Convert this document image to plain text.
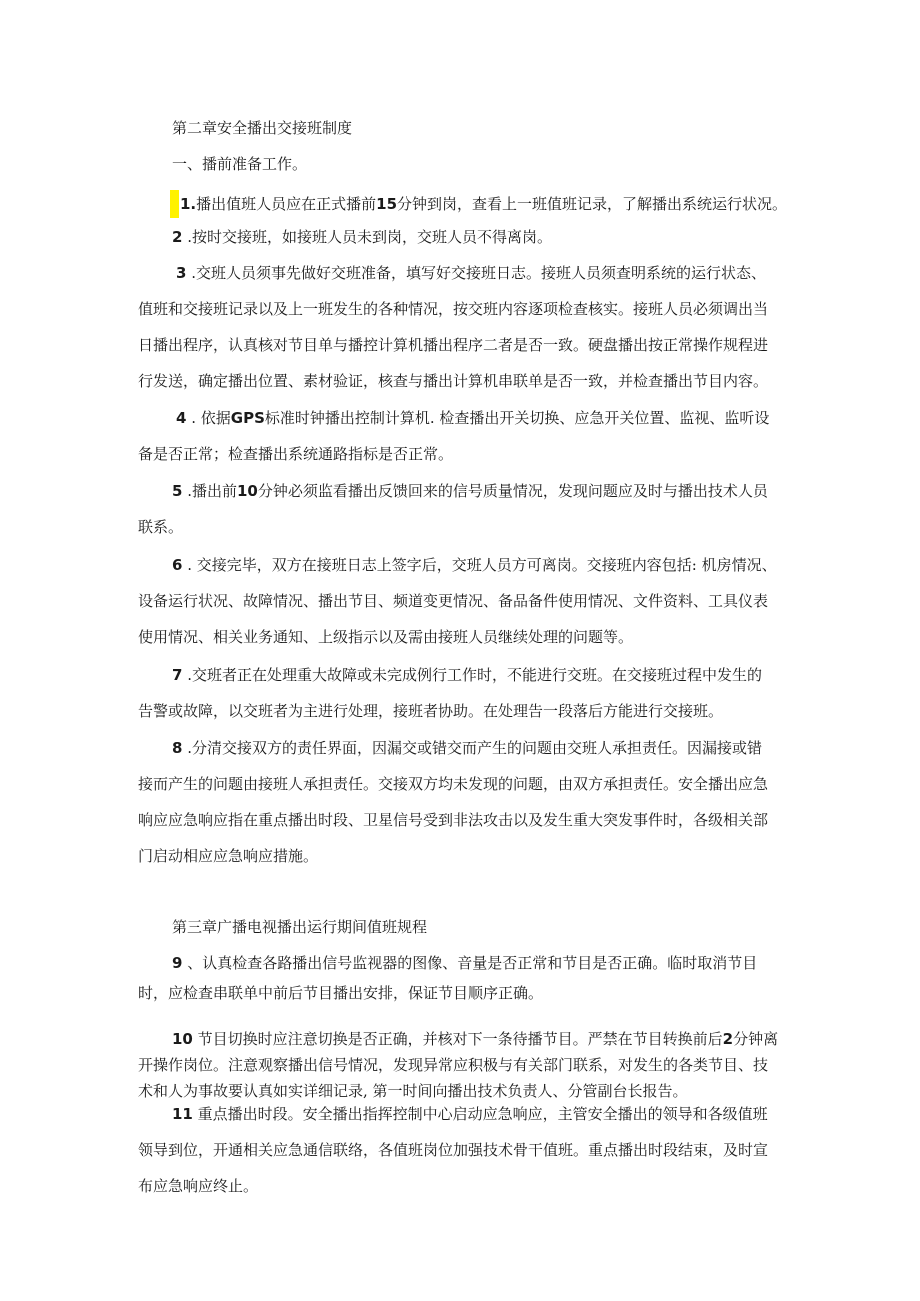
第二章安全播出交接班制度
一、播前准备工作。
1.播出值班人员应在正式播前15分钟到岗，查看上一班值班记录，了解播出系统运行状况。
2 .按时交接班，如接班人员未到岗，交班人员不得离岗。
3 .交班人员须事先做好交班准备，填写好交接班日志。接班人员须查明系统的运行状态、
值班和交接班记录以及上一班发生的各种情况，按交班内容逐项检查核实。接班人员必须调出当
日播出程序，认真核对节目单与播控计算机播出程序二者是否一致。硬盘播出按正常操作规程进
行发送，确定播出位置、素材验证，核查与播出计算机串联单是否一致，并检查播出节目内容。
4 . 依据GPS标准时钟播出控制计算机. 检查播出开关切换、应急开关位置、监视、监听设
备是否正常；检查播出系统通路指标是否正常。
5 .播出前10分钟必须监看播出反馈回来的信号质量情况，发现问题应及时与播出技术人员
联系。
6 . 交接完毕，双方在接班日志上签字后，交班人员方可离岗。交接班内容包括: 机房情况、
设备运行状况、故障情况、播出节目、频道变更情况、备品备件使用情况、文件资料、工具仪表
使用情况、相关业务通知、上级指示以及需由接班人员继续处理的问题等。
7 .交班者正在处理重大故障或未完成例行工作时，不能进行交班。在交接班过程中发生的
告警或故障，以交班者为主进行处理，接班者协助。在处理告一段落后方能进行交接班。
8 .分清交接双方的责任界面，因漏交或错交而产生的问题由交班人承担责任。因漏接或错
接而产生的问题由接班人承担责任。交接双方均未发现的问题，由双方承担责任。安全播出应急
响应应急响应指在重点播出时段、卫星信号受到非法攻击以及发生重大突发事件时，各级相关部
门启动相应应急响应措施。
第三章广播电视播出运行期间值班规程
9 、认真检查各路播出信号监视器的图像、音量是否正常和节目是否正确。临时取消节目
时，应检查串联单中前后节目播出安排，保证节目顺序正确。
10 节目切换时应注意切换是否正确，并核对下一条待播节目。严禁在节目转换前后2分钟离
开操作岗位。注意观察播出信号情况，发现异常应积极与有关部门联系，对发生的各类节目、技
术和人为事故要认真如实详细记录, 第一时间向播出技术负责人、分管副台长报告。
11 重点播出时段。安全播出指挥控制中心启动应急响应，主管安全播出的领导和各级值班
领导到位，开通相关应急通信联络，各值班岗位加强技术骨干值班。重点播出时段结束，及时宣
布应急响应终止。
